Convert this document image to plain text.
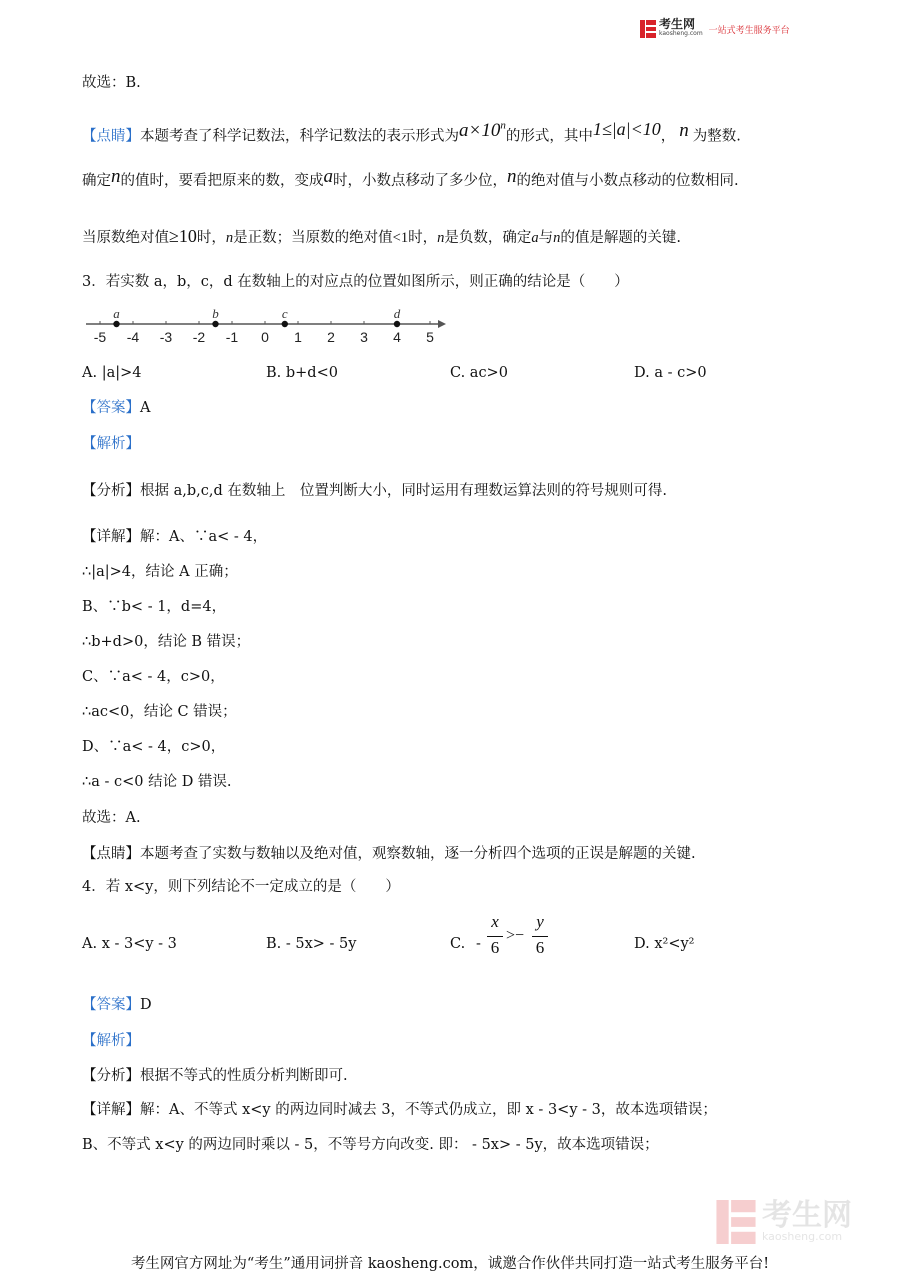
考生网
kaosheng.com 一站式考生服务平台
故选：B.
【点睛】本题考查了科学记数法，科学记数法的表示形式为$a\times 10^n$的形式，其中1≤|a|<10， n 为整数.
确定n的值时，要看把原来的数，变成a时，小数点移动了多少位，n的绝对值与小数点移动的位数相同.
当原数绝对值≥10时，n是正数；当原数的绝对值<1时，n是负数，确定a与n的值是解题的关键.
3．若实数 a，b，c，d 在数轴上的对应点的位置如图所示，则正确的结论是（　　）
-5 -4 -3 -2 -1 0 1 2 3 4 5
a	b	c	d
A. |a|>4	B. b+d<0	C. ac>0	D. a - c>0
【答案】A
【解析】
【分析】根据 a,b,c,d 在数轴上　位置判断大小，同时运用有理数运算法则的符号规则可得.
【详解】解：A、∵a< - 4，
∴|a|>4，结论 A 正确；
B、∵b< - 1，d=4，
∴b+d>0，结论 B 错误；
C、∵a< - 4，c>0，
∴ac<0，结论 C 错误；
D、∵a< - 4，c>0，
∴a - c<0 结论 D 错误.
故选：A.
【点睛】本题考查了实数与数轴以及绝对值，观察数轴，逐一分析四个选项的正误是解题的关键.
4．若 x<y，则下列结论不一定成立的是（　　）
A. x - 3<y - 3	B. - 5x> - 5y	C. -
x
6
>−
y
6	D. x²<y²
【答案】D
【解析】
【分析】根据不等式的性质分析判断即可.
【详解】解：A、不等式 x<y 的两边同时减去 3，不等式仍成立，即 x - 3<y - 3，故本选项错误；
B、不等式 x<y 的两边同时乘以 - 5，不等号方向改变. 即： - 5x> - 5y，故本选项错误；
考生网
kaosheng.com
考生网官方网址为“考生”通用词拼音 kaosheng.com，诚邀合作伙伴共同打造一站式考生服务平台!
